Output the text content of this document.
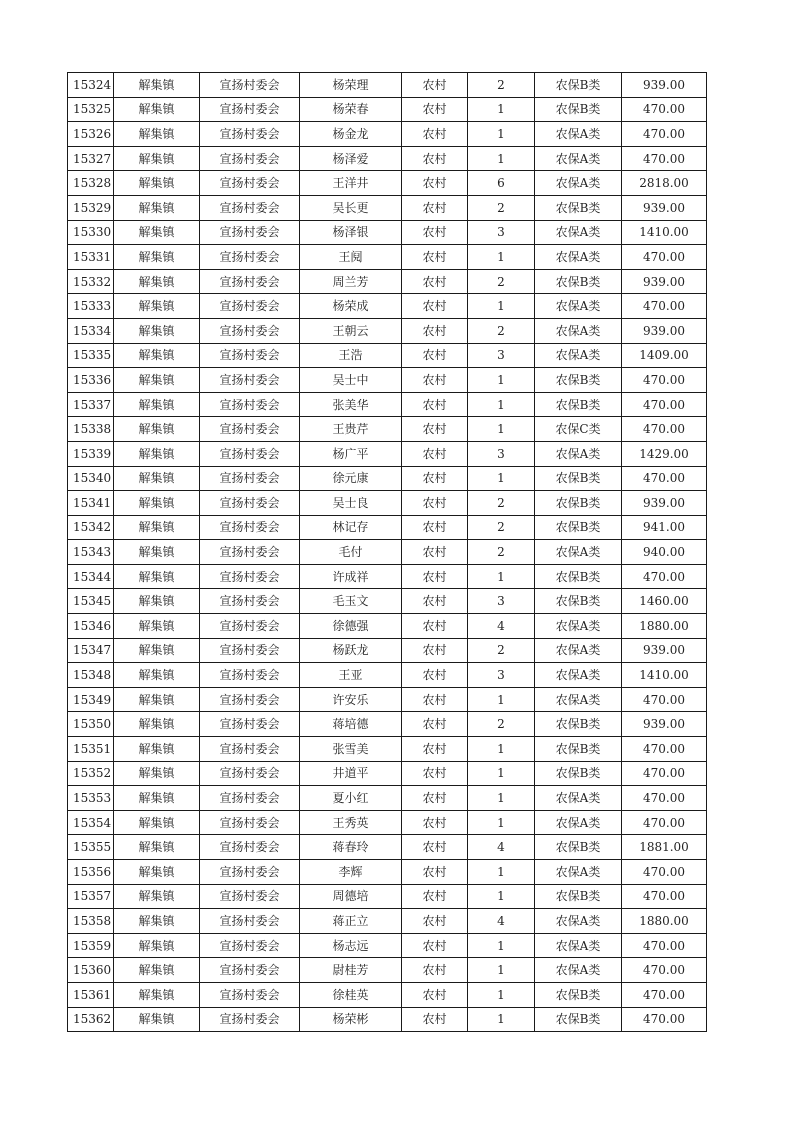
15324	解集镇	宣扬村委会	杨荣理	农村	2	农保B类	939.00
15325	解集镇	宣扬村委会	杨荣春	农村	1	农保B类	470.00
15326	解集镇	宣扬村委会	杨金龙	农村	1	农保A类	470.00
15327	解集镇	宣扬村委会	杨泽爱	农村	1	农保A类	470.00
15328	解集镇	宣扬村委会	王洋井	农村	6	农保A类	2818.00
15329	解集镇	宣扬村委会	吴长更	农村	2	农保B类	939.00
15330	解集镇	宣扬村委会	杨泽银	农村	3	农保A类	1410.00
15331	解集镇	宣扬村委会	王阋	农村	1	农保A类	470.00
15332	解集镇	宣扬村委会	周兰芳	农村	2	农保B类	939.00
15333	解集镇	宣扬村委会	杨荣成	农村	1	农保A类	470.00
15334	解集镇	宣扬村委会	王朝云	农村	2	农保A类	939.00
15335	解集镇	宣扬村委会	王浩	农村	3	农保A类	1409.00
15336	解集镇	宣扬村委会	吴士中	农村	1	农保B类	470.00
15337	解集镇	宣扬村委会	张美华	农村	1	农保B类	470.00
15338	解集镇	宣扬村委会	王贵芹	农村	1	农保C类	470.00
15339	解集镇	宣扬村委会	杨广平	农村	3	农保A类	1429.00
15340	解集镇	宣扬村委会	徐元康	农村	1	农保B类	470.00
15341	解集镇	宣扬村委会	吴士良	农村	2	农保B类	939.00
15342	解集镇	宣扬村委会	林记存	农村	2	农保B类	941.00
15343	解集镇	宣扬村委会	毛付	农村	2	农保A类	940.00
15344	解集镇	宣扬村委会	许成祥	农村	1	农保B类	470.00
15345	解集镇	宣扬村委会	毛玉文	农村	3	农保B类	1460.00
15346	解集镇	宣扬村委会	徐德强	农村	4	农保A类	1880.00
15347	解集镇	宣扬村委会	杨跃龙	农村	2	农保A类	939.00
15348	解集镇	宣扬村委会	王亚	农村	3	农保A类	1410.00
15349	解集镇	宣扬村委会	许安乐	农村	1	农保A类	470.00
15350	解集镇	宣扬村委会	蒋培德	农村	2	农保B类	939.00
15351	解集镇	宣扬村委会	张雪美	农村	1	农保B类	470.00
15352	解集镇	宣扬村委会	井道平	农村	1	农保B类	470.00
15353	解集镇	宣扬村委会	夏小红	农村	1	农保A类	470.00
15354	解集镇	宣扬村委会	王秀英	农村	1	农保A类	470.00
15355	解集镇	宣扬村委会	蒋春玲	农村	4	农保B类	1881.00
15356	解集镇	宣扬村委会	李辉	农村	1	农保A类	470.00
15357	解集镇	宣扬村委会	周德培	农村	1	农保B类	470.00
15358	解集镇	宣扬村委会	蒋正立	农村	4	农保A类	1880.00
15359	解集镇	宣扬村委会	杨志远	农村	1	农保A类	470.00
15360	解集镇	宣扬村委会	尉桂芳	农村	1	农保A类	470.00
15361	解集镇	宣扬村委会	徐桂英	农村	1	农保B类	470.00
15362	解集镇	宣扬村委会	杨荣彬	农村	1	农保B类	470.00
